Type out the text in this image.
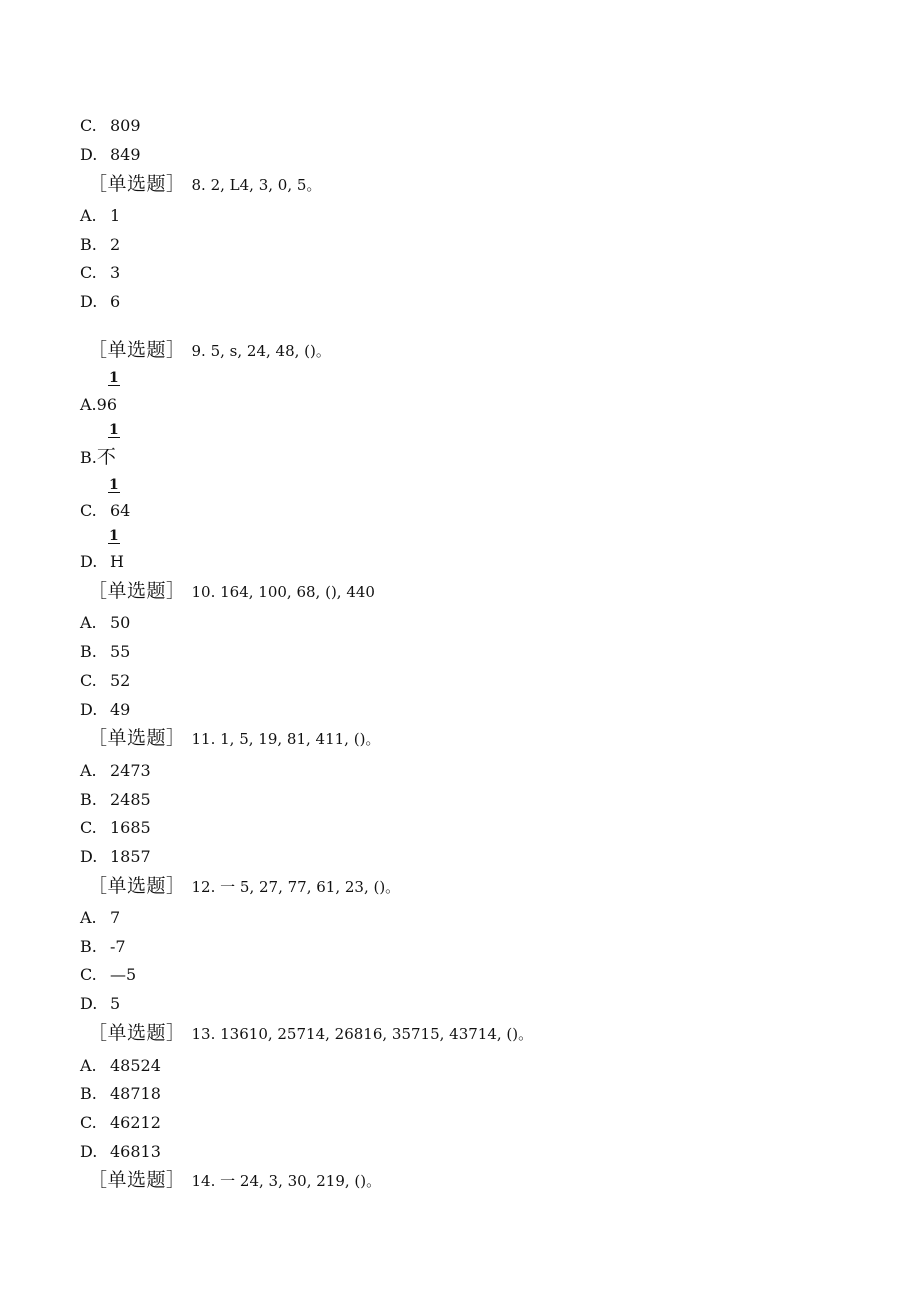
C. 809
D. 849
［单选题］ 8. 2, L4, 3, 0, 5。
A. 1
B. 2
C. 3
D. 6
［单选题］ 9. 5, s, 24, 48, ()。
1
A.96
1
B.不
1
C. 64
1
D. H
［单选题］ 10. 164, 100, 68, (), 440
A. 50
B. 55
C. 52
D. 49
［单选题］ 11. 1, 5, 19, 81, 411, ()。
A. 2473
B. 2485
C. 1685
D. 1857
［单选题］ 12. 一 5, 27, 77, 61, 23, ()。
A. 7
B. -7
C. —5
D. 5
［单选题］ 13. 13610, 25714, 26816, 35715, 43714, ()。
A. 48524
B. 48718
C. 46212
D. 46813
［单选题］ 14. 一 24, 3, 30, 219, ()。
